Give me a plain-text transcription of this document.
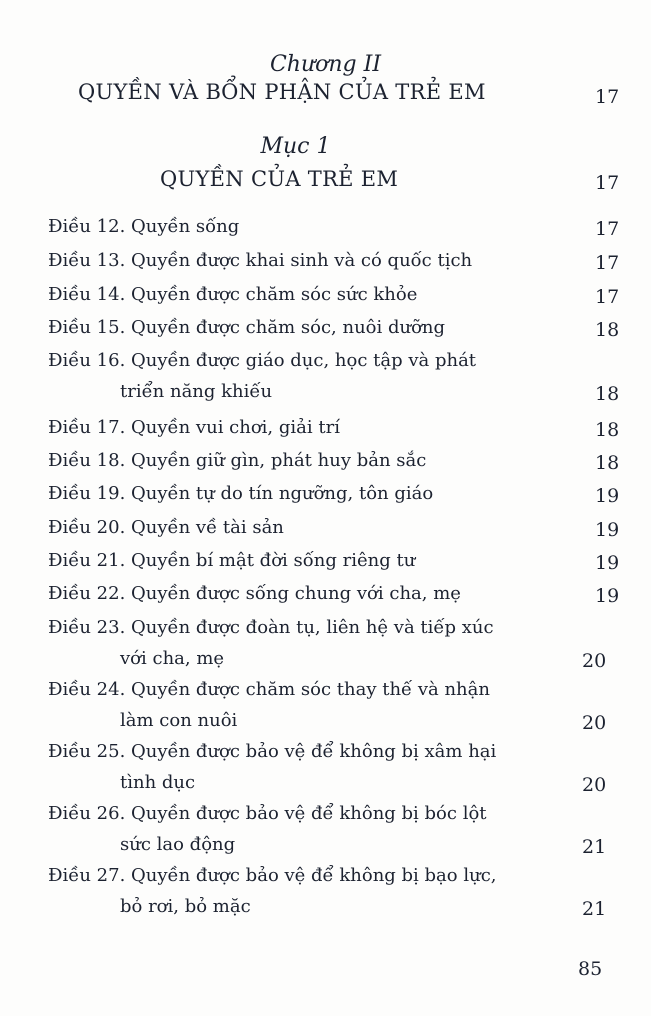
Chương II
QUYỀN VÀ BỔN PHẬN CỦA TRẺ EM	17
Mục 1
QUYỀN CỦA TRẺ EM	17
Điều 12. Quyền sống	17
Điều 13. Quyền được khai sinh và có quốc tịch	17
Điều 14. Quyền được chăm sóc sức khỏe	17
Điều 15. Quyền được chăm sóc, nuôi dưỡng	18
Điều 16. Quyền được giáo dục, học tập và phát
triển năng khiếu	18
Điều 17. Quyền vui chơi, giải trí	18
Điều 18. Quyền giữ gìn, phát huy bản sắc	18
Điều 19. Quyền tự do tín ngưỡng, tôn giáo	19
Điều 20. Quyền về tài sản	19
Điều 21. Quyền bí mật đời sống riêng tư	19
Điều 22. Quyền được sống chung với cha, mẹ	19
Điều 23. Quyền được đoàn tụ, liên hệ và tiếp xúc
với cha, mẹ	20
Điều 24. Quyền được chăm sóc thay thế và nhận
làm con nuôi	20
Điều 25. Quyền được bảo vệ để không bị xâm hại
tình dục	20
Điều 26. Quyền được bảo vệ để không bị bóc lột
sức lao động	21
Điều 27. Quyền được bảo vệ để không bị bạo lực,
bỏ rơi, bỏ mặc	21
85
